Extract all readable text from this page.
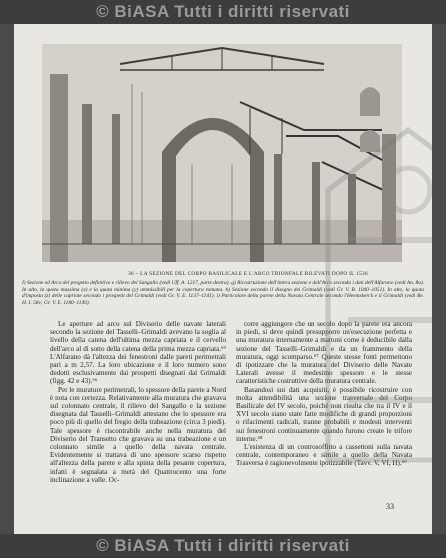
© BiASA Tutti i diritti riservati
36 – LA SEZIONE DEL CORPO BASILICALE E L'ARCO TRIONFALE RILEVATI DOPO IL 1536
I) Sezione ed Arco del progetto definitivo e rilievo del Sangallo (vedi Uff. A. 1217, parte destra). g) Ricostruzione dell'intera sezione e dell'Arco secondo i dati dell'Alfarano (vedi An. 8a). In alto, la quota massima (x) e la quota minima (y) ammissibili per la copertura romana. h) Sezione secondo il disegno dei Grimaldi (vedi Gr. V. B. 1040–1051). In alto, la quota d'imposta (z) delle capriate secondo i prospetti del Grimaldi (vedi Gr. V. E. 1137–1141). i) Particolare della parete della Navata Centrale secondo l'Heemskerck e il Grimaldi (vedi Be. H. I. 58v; Gr. V. E. 1180–1149).

Le aperture ad arco sul Diviserio delle navate laterali secondo la sezione del Tasselli–Grimaldi avevano la soglia al livello della catena dell'ultima mezza capriata e il cervello dell'arco al di sotto della catena della prima mezza capriata.⁶⁹ L'Alfarano dà l'altezza dei fenestroni dalle pareti perimetrali pari a m 2,57. La loro ubicazione e il loro numero sono dedotti esclusivamente dai prospetti disegnati dal Grimaldi (figg. 42 e 43).⁶⁶

Per le murature perimetrali, lo spessore della parete a Nord è nota con certezza. Relativamente alla muratura che gravava sul colonnato centrale, il rilievo del Sangallo e la sezione disegnata dal Tasselli–Grimaldi attestano che lo spessore era poco più di quello del fregio della trabeazione (circa 3 piedi). Tale spessore è riscontrabile anche nella muratura del Diviserio del Transetto che gravava su una trabeazione e un colonnato simile a quello della navata centrale. Evidentemente si trattava di uno spessore scarso rispetto all'altezza della parete e alla spinta della pesante copertura, infatti è segnalata a metà del Quattrocento una forte inclinazione a valle. Oc-

corre aggiungere che un secolo dopo la parete era ancora in piedi, si deve quindi presupporre un'esecuzione perfetta e una muratura internamente a mattoni come è deducibile dalla sezione del Tasselli–Grimaldi e da un frammento della muratura, oggi scomparso.⁶⁷ Queste stesse fonti permettono di ipotizzare che la muratura del Diviserio delle Navate Laterali avesse il medesimo spessore e le stesse caratteristiche costruttive della muratura centrale.

Basandosi sui dati acquisiti, è possibile ricostruire con molta attendibilità una sezione trasversale del Corpo Basilicale del IV secolo, poiché non risulta che tra il IV e il XVI secolo siano state fatte modifiche di grandi proporzioni o rifacimenti radicali, tranne probabili e modesti interventi sui fenestroni continuamente quando furono create le trifore interne.⁶⁸

L'esistenza di un controsoffitto a cassettoni sulla navata centrale, contemporaneo e simile a quello della Navata Trasversa è ragionevolmente ipotizzabile (Tavv. V, VI, H).⁶⁹

33
© BiASA Tutti i diritti riservati
